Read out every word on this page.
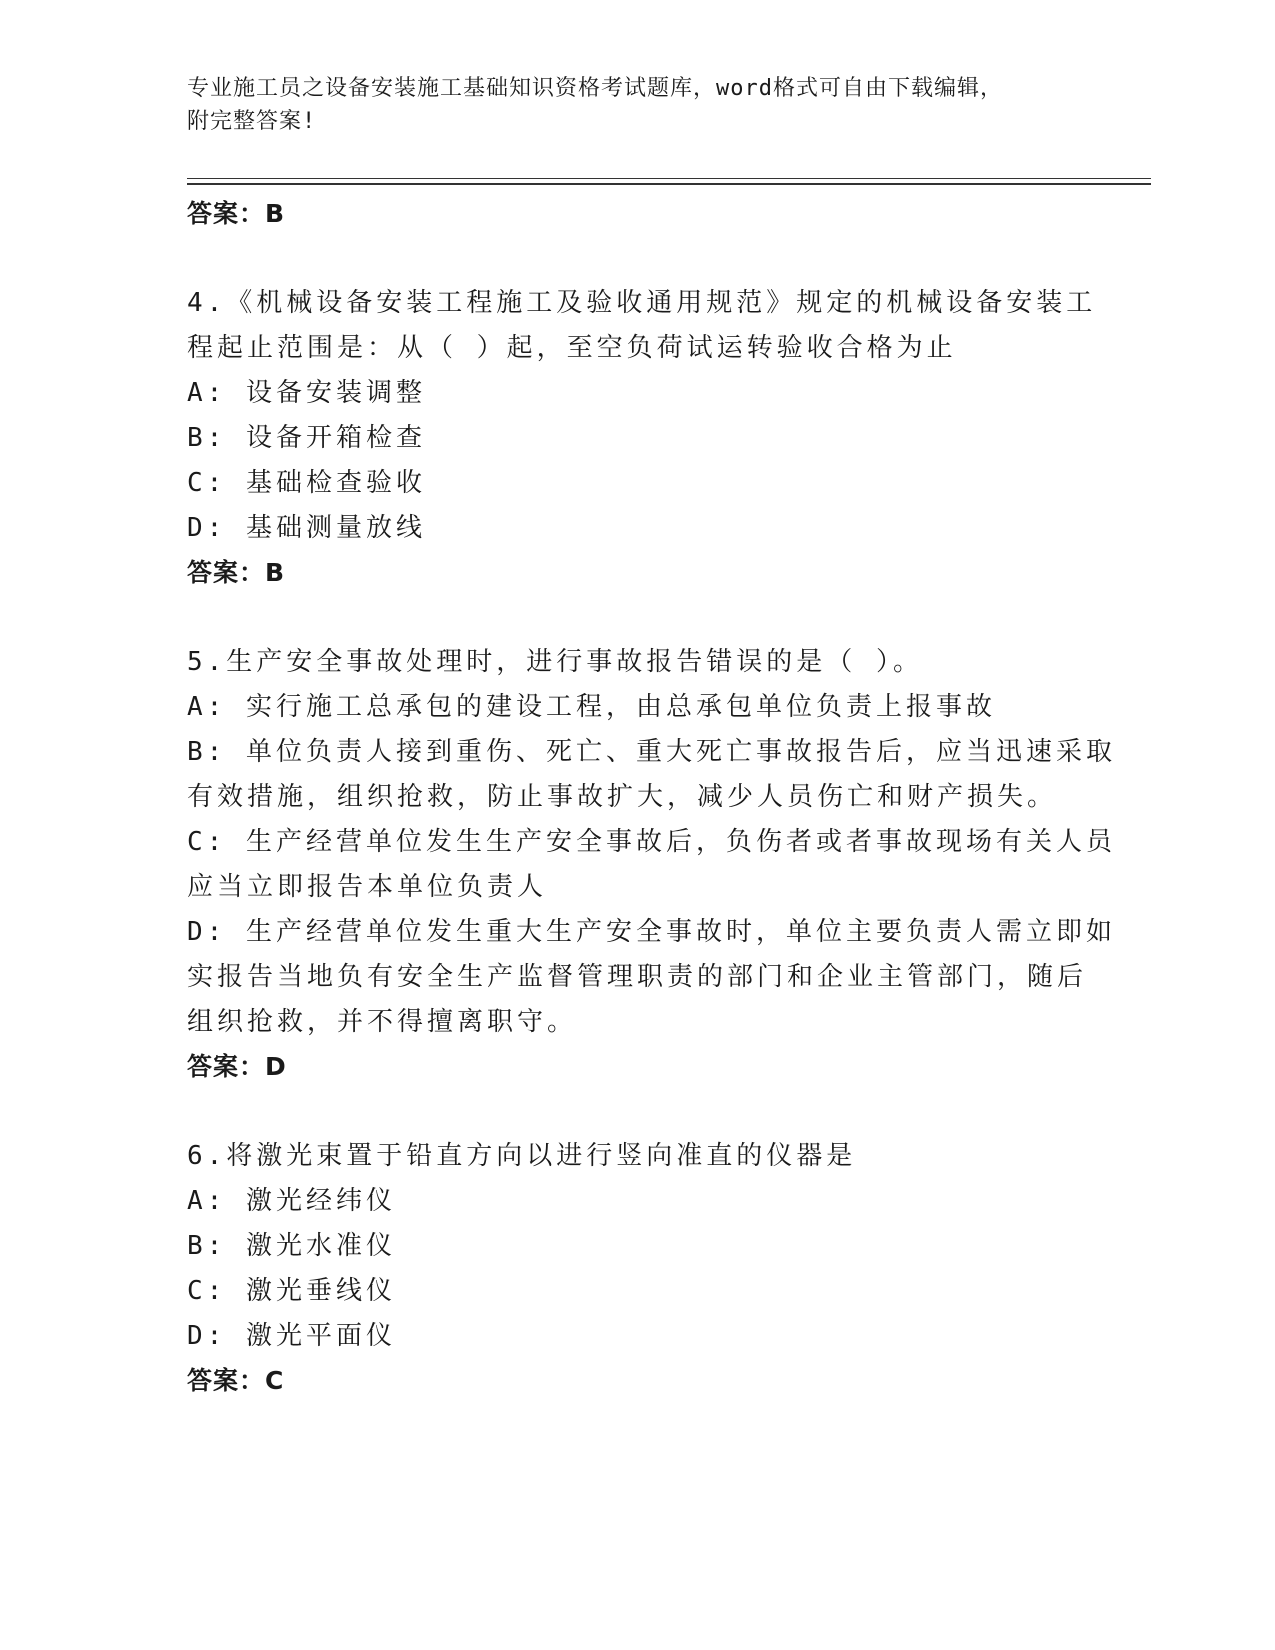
专业施工员之设备安装施工基础知识资格考试题库，word格式可自由下载编辑，
附完整答案!
答案：B
4.《机械设备安装工程施工及验收通用规范》规定的机械设备安装工
程起止范围是：从（ ）起，至空负荷试运转验收合格为止
A: 设备安装调整
B: 设备开箱检查
C: 基础检查验收
D: 基础测量放线
答案：B
5.生产安全事故处理时，进行事故报告错误的是（ ）。
A: 实行施工总承包的建设工程，由总承包单位负责上报事故
B: 单位负责人接到重伤、死亡、重大死亡事故报告后，应当迅速采取
有效措施，组织抢救，防止事故扩大，减少人员伤亡和财产损失。
C: 生产经营单位发生生产安全事故后，负伤者或者事故现场有关人员
应当立即报告本单位负责人
D: 生产经营单位发生重大生产安全事故时，单位主要负责人需立即如
实报告当地负有安全生产监督管理职责的部门和企业主管部门，随后
组织抢救，并不得擅离职守。
答案：D
6.将激光束置于铅直方向以进行竖向准直的仪器是
A: 激光经纬仪
B: 激光水准仪
C: 激光垂线仪
D: 激光平面仪
答案：C
